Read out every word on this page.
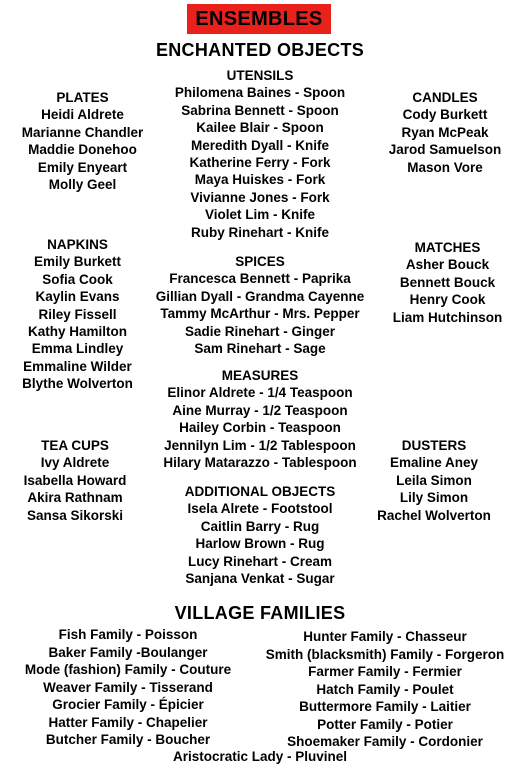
ENSEMBLES
ENCHANTED OBJECTS
PLATES
Heidi Aldrete
Marianne Chandler
Maddie Donehoo
Emily Enyeart
Molly Geel
UTENSILS
Philomena Baines - Spoon
Sabrina Bennett - Spoon
Kailee Blair - Spoon
Meredith Dyall - Knife
Katherine Ferry - Fork
Maya Huiskes - Fork
Vivianne Jones - Fork
Violet Lim - Knife
Ruby Rinehart - Knife
CANDLES
Cody Burkett
Ryan McPeak
Jarod Samuelson
Mason Vore
NAPKINS
Emily Burkett
Sofia Cook
Kaylin Evans
Riley Fissell
Kathy Hamilton
Emma Lindley
Emmaline Wilder
Blythe Wolverton
SPICES
Francesca Bennett - Paprika
Gillian Dyall - Grandma Cayenne
Tammy McArthur - Mrs. Pepper
Sadie Rinehart - Ginger
Sam Rinehart - Sage
MATCHES
Asher Bouck
Bennett Bouck
Henry Cook
Liam Hutchinson
MEASURES
Elinor Aldrete - 1/4 Teaspoon
Aine Murray - 1/2 Teaspoon
Hailey Corbin - Teaspoon
Jennilyn Lim - 1/2 Tablespoon
Hilary Matarazzo - Tablespoon
TEA CUPS
Ivy Aldrete
Isabella Howard
Akira Rathnam
Sansa Sikorski
DUSTERS
Emaline Aney
Leila Simon
Lily Simon
Rachel Wolverton
ADDITIONAL OBJECTS
Isela Alrete - Footstool
Caitlin Barry - Rug
Harlow Brown - Rug
Lucy Rinehart - Cream
Sanjana Venkat - Sugar
VILLAGE FAMILIES
Fish Family - Poisson
Baker Family -Boulanger
Mode (fashion) Family - Couture
Weaver Family - Tisserand
Grocier Family - Épicier
Hatter Family - Chapelier
Butcher Family - Boucher
Hunter Family - Chasseur
Smith (blacksmith) Family - Forgeron
Farmer Family - Fermier
Hatch Family - Poulet
Buttermore Family - Laitier
Potter Family - Potier
Shoemaker Family - Cordonier
Aristocratic Lady - Pluvinel
